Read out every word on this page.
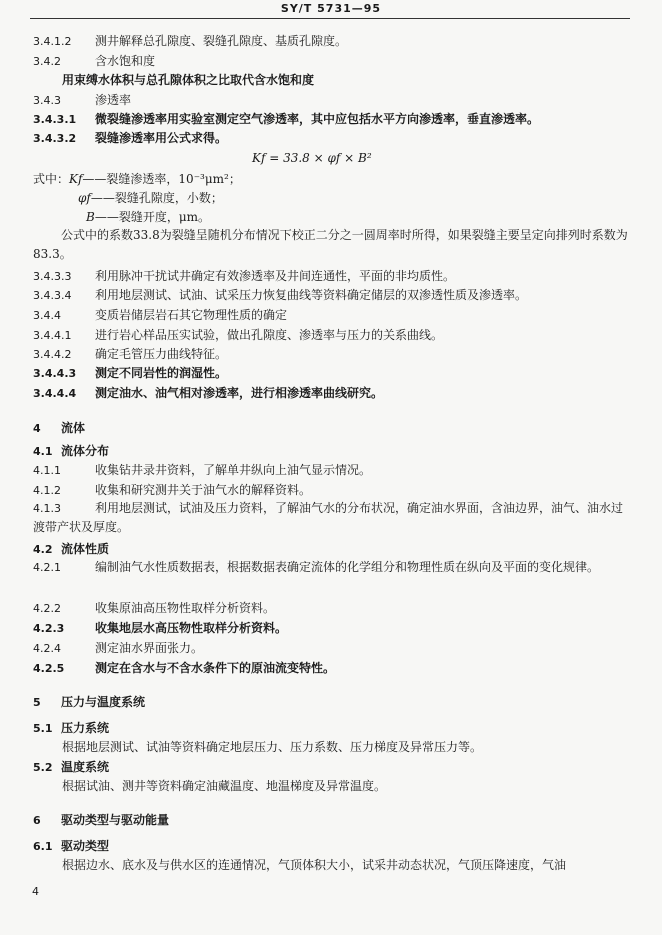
SY/T 5731—95
3.4.1.2 测井解释总孔隙度、裂缝孔隙度、基质孔隙度。
3.4.2	含水饱和度
用束缚水体积与总孔隙体积之比取代含水饱和度
3.4.3	渗透率
3.4.3.1 微裂缝渗透率用实验室测定空气渗透率，其中应包括水平方向渗透率，垂直渗透率。
3.4.3.2 裂缝渗透率用公式求得。
Kf = 33.8 × φf × B²
式中：Kf——裂缝渗透率，10⁻³μm²；
φf——裂缝孔隙度，小数；
B——裂缝开度，μm。
公式中的系数33.8为裂缝呈随机分布情况下校正二分之一圆周率时所得，如果裂缝主要呈定向排列时系数为83.3。
3.4.3.3 利用脉冲干扰试井确定有效渗透率及井间连通性，平面的非均质性。
3.4.3.4 利用地层测试、试油、试采压力恢复曲线等资料确定储层的双渗透性质及渗透率。
3.4.4	变质岩储层岩石其它物理性质的确定
3.4.4.1 进行岩心样品压实试验，做出孔隙度、渗透率与压力的关系曲线。
3.4.4.2 确定毛管压力曲线特征。
3.4.4.3 测定不同岩性的润湿性。
3.4.4.4 测定油水、油气相对渗透率，进行相渗透率曲线研究。
4 流体
4.1 流体分布
4.1.1	收集钻井录井资料，了解单井纵向上油气显示情况。
4.1.2	收集和研究测井关于油气水的解释资料。
4.1.3	利用地层测试，试油及压力资料，了解油气水的分布状况，确定油水界面，含油边界，油气、油水过渡带产状及厚度。
4.2 流体性质
4.2.1	编制油气水性质数据表，根据数据表确定流体的化学组分和物理性质在纵向及平面的变化规律。
4.2.2	收集原油高压物性取样分析资料。
4.2.3	收集地层水高压物性取样分析资料。
4.2.4	测定油水界面张力。
4.2.5	测定在含水与不含水条件下的原油流变特性。
5 压力与温度系统
5.1 压力系统
根据地层测试、试油等资料确定地层压力、压力系数、压力梯度及异常压力等。
5.2 温度系统
根据试油、测井等资料确定油藏温度、地温梯度及异常温度。
6 驱动类型与驱动能量
6.1 驱动类型
根据边水、底水及与供水区的连通情况，气顶体积大小，试采井动态状况，气顶压降速度，气油
4
